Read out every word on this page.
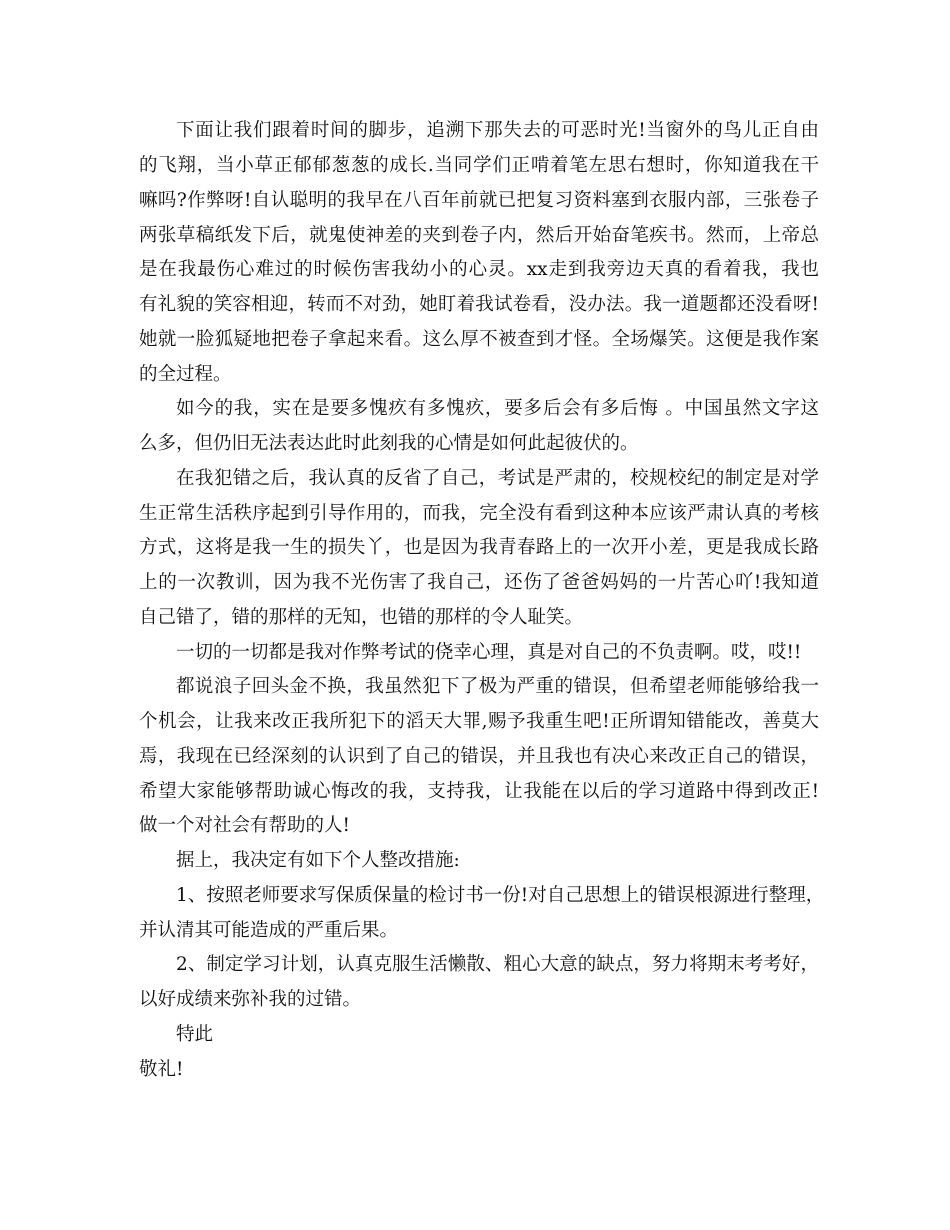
下面让我们跟着时间的脚步，追溯下那失去的可恶时光!当窗外的鸟儿正自由
的飞翔，当小草正郁郁葱葱的成长.当同学们正啃着笔左思右想时，你知道我在干
嘛吗?作弊呀!自认聪明的我早在八百年前就已把复习资料塞到衣服内部，三张卷子
两张草稿纸发下后，就鬼使神差的夹到卷子内，然后开始奋笔疾书。然而，上帝总
是在我最伤心难过的时候伤害我幼小的心灵。xx走到我旁边天真的看着我，我也
有礼貌的笑容相迎，转而不对劲，她盯着我试卷看，没办法。我一道题都还没看呀!
她就一脸狐疑地把卷子拿起来看。这么厚不被查到才怪。全场爆笑。这便是我作案
的全过程。
如今的我，实在是要多愧疚有多愧疚，要多后会有多后悔 。中国虽然文字这
么多，但仍旧无法表达此时此刻我的心情是如何此起彼伏的。
在我犯错之后，我认真的反省了自己，考试是严肃的，校规校纪的制定是对学
生正常生活秩序起到引导作用的，而我，完全没有看到这种本应该严肃认真的考核
方式，这将是我一生的损失丫，也是因为我青春路上的一次开小差，更是我成长路
上的一次教训，因为我不光伤害了我自己，还伤了爸爸妈妈的一片苦心吖!我知道
自己错了，错的那样的无知，也错的那样的令人耻笑。
一切的一切都是我对作弊考试的侥幸心理，真是对自己的不负责啊。哎，哎!!
都说浪子回头金不换，我虽然犯下了极为严重的错误，但希望老师能够给我一
个机会，让我来改正我所犯下的滔天大罪,赐予我重生吧!正所谓知错能改，善莫大
焉，我现在已经深刻的认识到了自己的错误，并且我也有决心来改正自己的错误，
希望大家能够帮助诚心悔改的我，支持我，让我能在以后的学习道路中得到改正!
做一个对社会有帮助的人!
据上，我决定有如下个人整改措施:
1、按照老师要求写保质保量的检讨书一份!对自己思想上的错误根源进行整理，
并认清其可能造成的严重后果。
2、制定学习计划，认真克服生活懒散、粗心大意的缺点，努力将期末考考好，
以好成绩来弥补我的过错。
特此
敬礼!
